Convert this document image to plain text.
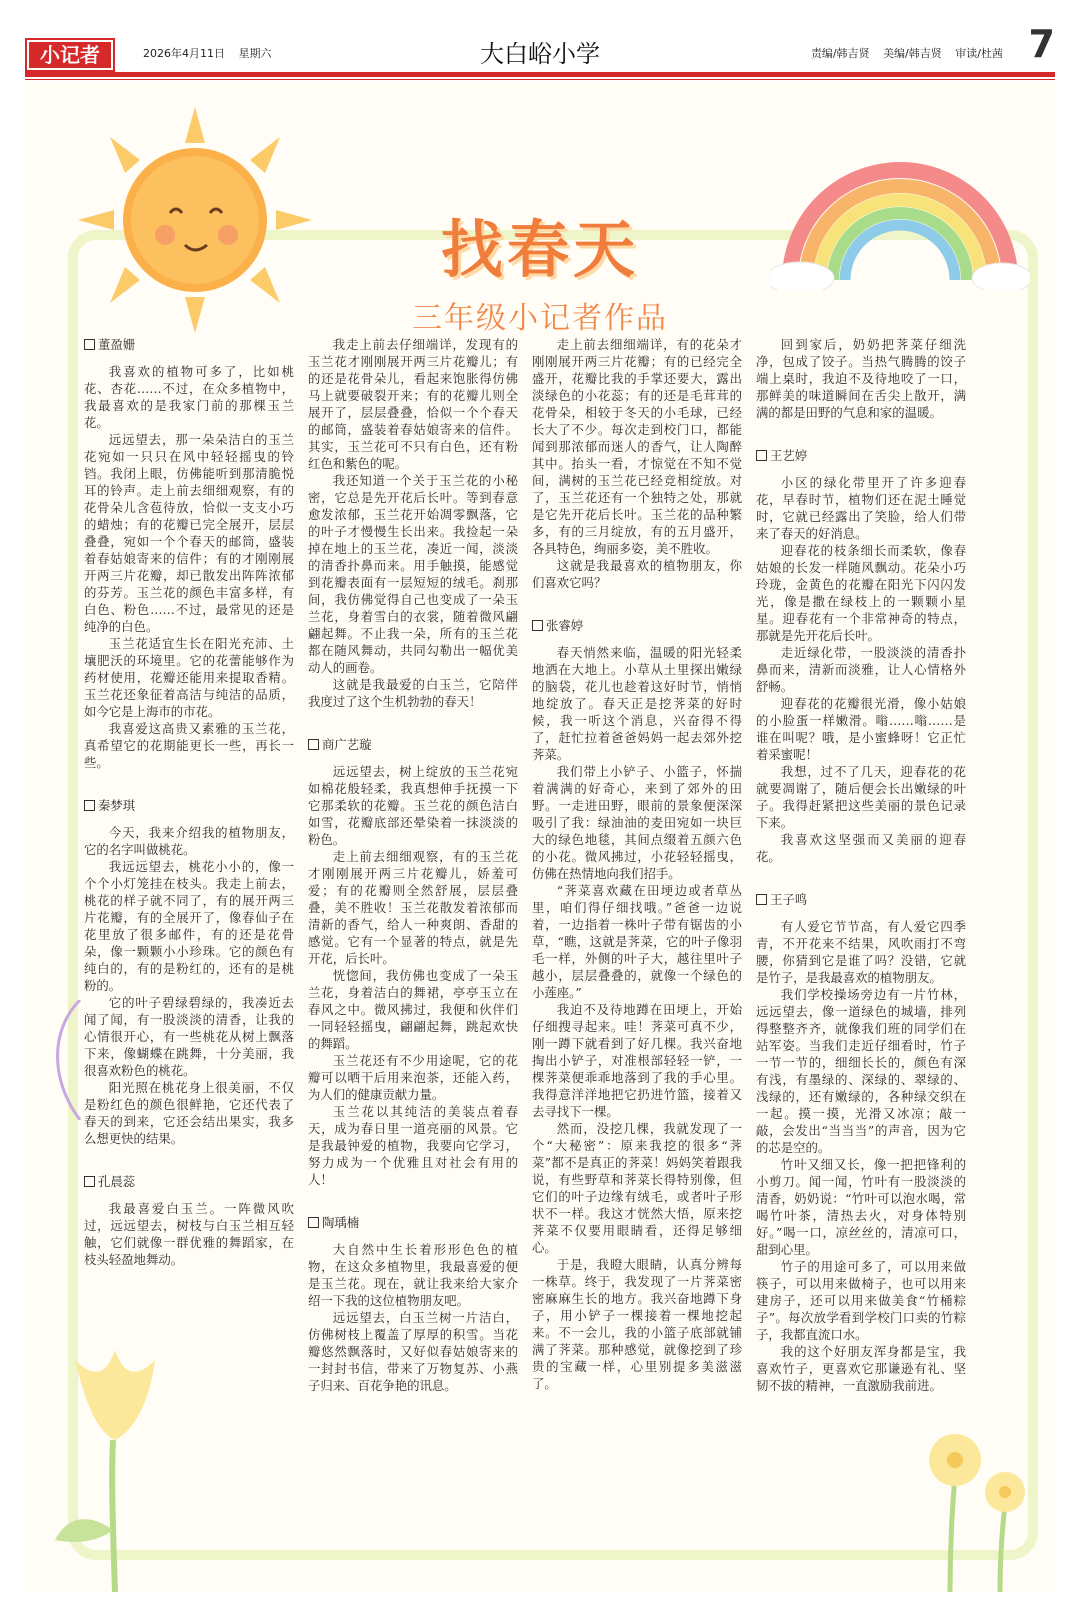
小记者	2026年4月11日 星期六	大白峪小学	责编/韩吉贤 美编/韩吉贤 审读/杜茜 7
找春天
三年级小记者作品
董盈姗

我喜欢的植物可多了，比如桃花、杏花……不过，在众多植物中，我最喜欢的是我家门前的那棵玉兰花。

远远望去，那一朵朵洁白的玉兰花宛如一只只在风中轻轻摇曳的铃铛。我闭上眼，仿佛能听到那清脆悦耳的铃声。走上前去细细观察，有的花骨朵儿含苞待放，恰似一支支小巧的蜡烛；有的花瓣已完全展开，层层叠叠，宛如一个个春天的邮筒，盛装着春姑娘寄来的信件；有的才刚刚展开两三片花瓣，却已散发出阵阵浓郁的芬芳。玉兰花的颜色丰富多样，有白色、粉色……不过，最常见的还是纯净的白色。

玉兰花适宜生长在阳光充沛、土壤肥沃的环境里。它的花蕾能够作为药材使用，花瓣还能用来提取香精。玉兰花还象征着高洁与纯洁的品质，如今它是上海市的市花。

我喜爱这高贵又素雅的玉兰花，真希望它的花期能更长一些，再长一些。

秦梦琪

今天，我来介绍我的植物朋友，它的名字叫做桃花。

我远远望去，桃花小小的，像一个个小灯笼挂在枝头。我走上前去，桃花的样子就不同了，有的展开两三片花瓣，有的全展开了，像春仙子在花里放了很多邮件，有的还是花骨朵，像一颗颗小小珍珠。它的颜色有纯白的，有的是粉红的，还有的是桃粉的。

它的叶子碧绿碧绿的，我凑近去闻了闻，有一股淡淡的清香，让我的心情很开心，有一些桃花从树上飘落下来，像蝴蝶在跳舞，十分美丽，我很喜欢粉色的桃花。

阳光照在桃花身上很美丽，不仅是粉红色的颜色很鲜艳，它还代表了春天的到来，它还会结出果实，我多么想更快的结果。

孔晨蕊

我最喜爱白玉兰。一阵微风吹过，远远望去，树枝与白玉兰相互轻触，它们就像一群优雅的舞蹈家，在枝头轻盈地舞动。

我走上前去仔细端详，发现有的玉兰花才刚刚展开两三片花瓣儿；有的还是花骨朵儿，看起来饱胀得仿佛马上就要破裂开来；有的花瓣儿则全展开了，层层叠叠，恰似一个个春天的邮筒，盛装着春姑娘寄来的信件。其实，玉兰花可不只有白色，还有粉红色和紫色的呢。

我还知道一个关于玉兰花的小秘密，它总是先开花后长叶。等到春意愈发浓郁，玉兰花开始凋零飘落，它的叶子才慢慢生长出来。我捡起一朵掉在地上的玉兰花，凑近一闻，淡淡的清香扑鼻而来。用手触摸，能感觉到花瓣表面有一层短短的绒毛。刹那间，我仿佛觉得自己也变成了一朵玉兰花，身着雪白的衣裳，随着微风翩翩起舞。不止我一朵，所有的玉兰花都在随风舞动，共同勾勒出一幅优美动人的画卷。

这就是我最爱的白玉兰，它陪伴我度过了这个生机勃勃的春天！

商广艺璇

远远望去，树上绽放的玉兰花宛如棉花般轻柔，我真想伸手抚摸一下它那柔软的花瓣。玉兰花的颜色洁白如雪，花瓣底部还晕染着一抹淡淡的粉色。

走上前去细细观察，有的玉兰花才刚刚展开两三片花瓣儿，娇羞可爱；有的花瓣则全然舒展，层层叠叠，美不胜收！玉兰花散发着浓郁而清新的香气，给人一种爽朗、香甜的感觉。它有一个显著的特点，就是先开花，后长叶。

恍惚间，我仿佛也变成了一朵玉兰花，身着洁白的舞裙，亭亭玉立在春风之中。微风拂过，我便和伙伴们一同轻轻摇曳，翩翩起舞，跳起欢快的舞蹈。

玉兰花还有不少用途呢，它的花瓣可以晒干后用来泡茶，还能入药，为人们的健康贡献力量。

玉兰花以其纯洁的美装点着春天，成为春日里一道亮丽的风景。它是我最钟爱的植物，我要向它学习，努力成为一个优雅且对社会有用的人！

陶瑀楠

大自然中生长着形形色色的植物，在这众多植物里，我最喜爱的便是玉兰花。现在，就让我来给大家介绍一下我的这位植物朋友吧。

远远望去，白玉兰树一片洁白，仿佛树枝上覆盖了厚厚的积雪。当花瓣悠然飘落时，又好似春姑娘寄来的一封封书信，带来了万物复苏、小燕子归来、百花争艳的讯息。

走上前去细细端详，有的花朵才刚刚展开两三片花瓣；有的已经完全盛开，花瓣比我的手掌还要大，露出淡绿色的小花蕊；有的还是毛茸茸的花骨朵，相较于冬天的小毛球，已经长大了不少。每次走到校门口，都能闻到那浓郁而迷人的香气，让人陶醉其中。抬头一看，才惊觉在不知不觉间，满树的玉兰花已经竞相绽放。对了，玉兰花还有一个独特之处，那就是它先开花后长叶。玉兰花的品种繁多，有的三月绽放，有的五月盛开，各具特色，绚丽多姿，美不胜收。

这就是我最喜欢的植物朋友，你们喜欢它吗？

张睿婷

春天悄然来临，温暖的阳光轻柔地洒在大地上。小草从土里探出嫩绿的脑袋，花儿也趁着这好时节，悄悄地绽放了。春天正是挖荠菜的好时候，我一听这个消息，兴奋得不得了，赶忙拉着爸爸妈妈一起去郊外挖荠菜。

我们带上小铲子、小篮子，怀揣着满满的好奇心，来到了郊外的田野。一走进田野，眼前的景象便深深吸引了我：绿油油的麦田宛如一块巨大的绿色地毯，其间点缀着五颜六色的小花。微风拂过，小花轻轻摇曳，仿佛在热情地向我们招手。

“荠菜喜欢藏在田埂边或者草丛里，咱们得仔细找哦。”爸爸一边说着，一边指着一株叶子带有锯齿的小草，“瞧，这就是荠菜，它的叶子像羽毛一样，外侧的叶子大，越往里叶子越小，层层叠叠的，就像一个绿色的小莲座。”

我迫不及待地蹲在田埂上，开始仔细搜寻起来。哇！荠菜可真不少，刚一蹲下就看到了好几棵。我兴奋地掏出小铲子，对准根部轻轻一铲，一棵荠菜便乖乖地落到了我的手心里。我得意洋洋地把它扔进竹篮，接着又去寻找下一棵。

然而，没挖几棵，我就发现了一个“大秘密”：原来我挖的很多“荠菜”都不是真正的荠菜！妈妈笑着跟我说，有些野草和荠菜长得特别像，但它们的叶子边缘有绒毛，或者叶子形状不一样。我这才恍然大悟，原来挖荠菜不仅要用眼睛看，还得足够细心。

于是，我瞪大眼睛，认真分辨每一株草。终于，我发现了一片荠菜密密麻麻生长的地方。我兴奋地蹲下身子，用小铲子一棵接着一棵地挖起来。不一会儿，我的小篮子底部就铺满了荠菜。那种感觉，就像挖到了珍贵的宝藏一样，心里别提多美滋滋了。

回到家后，奶奶把荠菜仔细洗净，包成了饺子。当热气腾腾的饺子端上桌时，我迫不及待地咬了一口，那鲜美的味道瞬间在舌尖上散开，满满的都是田野的气息和家的温暖。

王艺婷

小区的绿化带里开了许多迎春花，早春时节，植物们还在泥土睡觉时，它就已经露出了笑脸，给人们带来了春天的好消息。

迎春花的枝条细长而柔软，像春姑娘的长发一样随风飘动。花朵小巧玲珑，金黄色的花瓣在阳光下闪闪发光，像是撒在绿枝上的一颗颗小星星。迎春花有一个非常神奇的特点，那就是先开花后长叶。

走近绿化带，一股淡淡的清香扑鼻而来，清新而淡雅，让人心情格外舒畅。

迎春花的花瓣很光滑，像小姑娘的小脸蛋一样嫩滑。嗡……嗡……是谁在叫呢？哦，是小蜜蜂呀！它正忙着采蜜呢！

我想，过不了几天，迎春花的花就要凋谢了，随后便会长出嫩绿的叶子。我得赶紧把这些美丽的景色记录下来。

我喜欢这坚强而又美丽的迎春花。

王子鸣

有人爱它节节高，有人爱它四季青，不开花来不结果，风吹雨打不弯腰，你猜到它是谁了吗？没错，它就是竹子，是我最喜欢的植物朋友。

我们学校操场旁边有一片竹林，远远望去，像一道绿色的城墙，排列得整整齐齐，就像我们班的同学们在站军姿。当我们走近仔细看时，竹子一节一节的，细细长长的，颜色有深有浅，有墨绿的、深绿的、翠绿的、浅绿的，还有嫩绿的，各种绿交织在一起。摸一摸，光滑又冰凉；敲一敲，会发出“当当当”的声音，因为它的芯是空的。

竹叶又细又长，像一把把锋利的小剪刀。闻一闻，竹叶有一股淡淡的清香，奶奶说：“竹叶可以泡水喝，常喝竹叶茶，清热去火，对身体特别好。”喝一口，凉丝丝的，清凉可口，甜到心里。

竹子的用途可多了，可以用来做筷子，可以用来做椅子，也可以用来建房子，还可以用来做美食“竹桶粽子”。每次放学看到学校门口卖的竹粽子，我都直流口水。

我的这个好朋友浑身都是宝，我喜欢竹子，更喜欢它那谦逊有礼、坚韧不拔的精神，一直激励我前进。
